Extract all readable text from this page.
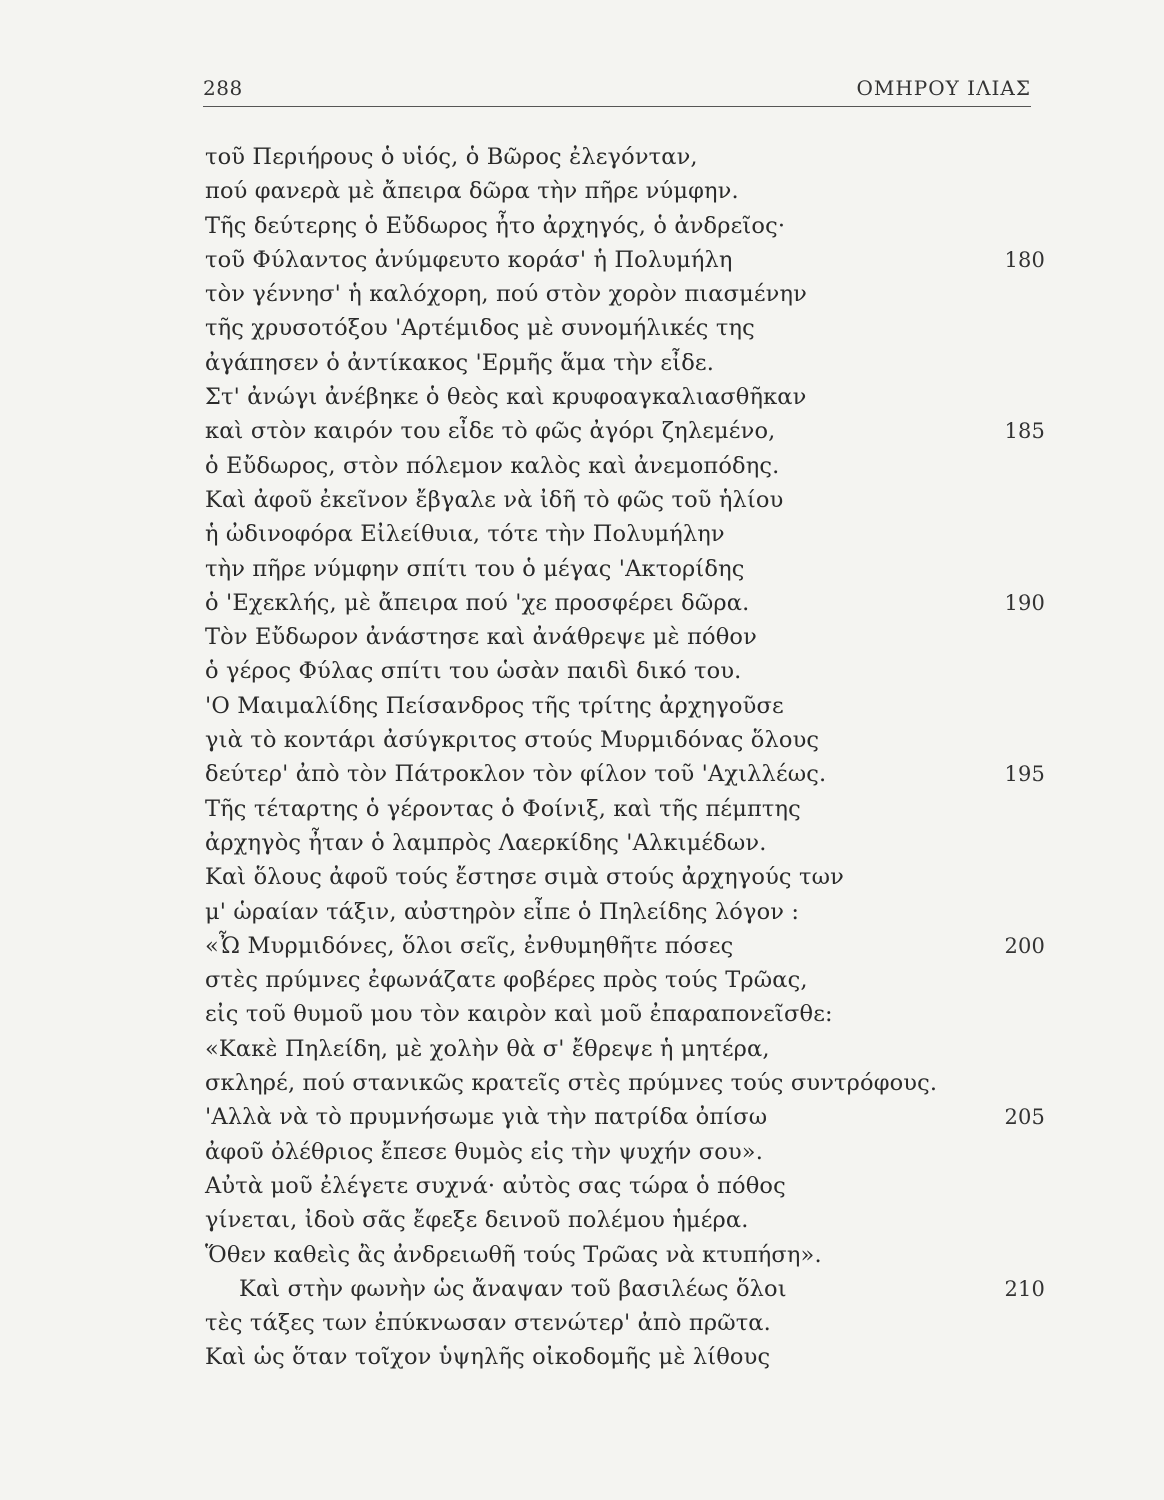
288	ΟΜΗΡΟΥ ΙΛΙΑΣ
τοῦ Περιήρους ὁ υἱός, ὁ Βῶρος ἐλεγόνταν,
πού φανερὰ μὲ ἄπειρα δῶρα τὴν πῆρε νύμφην.
Τῆς δεύτερης ὁ Εὔδωρος ἦτο ἀρχηγός, ὁ ἀνδρεῖος·
τοῦ Φύλαντος ἀνύμφευτο κοράσ' ἡ Πολυμήλη	180
τὸν γέννησ' ἡ καλόχορη, πού στὸν χορὸν πιασμένην
τῆς χρυσοτόξου 'Αρτέμιδος μὲ συνομήλικές της
ἀγάπησεν ὁ ἀντίκακος 'Ερμῆς ἅμα τὴν εἶδε.
Στ' ἀνώγι ἀνέβηκε ὁ θεὸς καὶ κρυφοαγκαλιασθῆκαν
καὶ στὸν καιρόν του εἶδε τὸ φῶς ἀγόρι ζηλεμένο,	185
ὁ Εὔδωρος, στὸν πόλεμον καλὸς καὶ ἀνεμοπόδης.
Καὶ ἀφοῦ ἐκεῖνον ἔβγαλε νὰ ἰδῆ τὸ φῶς τοῦ ἡλίου
ἡ ὠδινοφόρα Εἰλείθυια, τότε τὴν Πολυμήλην
τὴν πῆρε νύμφην σπίτι του ὁ μέγας 'Ακτορίδης
ὁ 'Εχεκλής, μὲ ἄπειρα πού 'χε προσφέρει δῶρα.	190
Τὸν Εὔδωρον ἀνάστησε καὶ ἀνάθρεψε μὲ πόθον
ὁ γέρος Φύλας σπίτι του ὡσὰν παιδὶ δικό του.
'Ο Μαιμαλίδης Πείσανδρος τῆς τρίτης ἀρχηγοῦσε
γιὰ τὸ κοντάρι ἀσύγκριτος στούς Μυρμιδόνας ὅλους
δεύτερ' ἀπὸ τὸν Πάτροκλον τὸν φίλον τοῦ 'Αχιλλέως.	195
Τῆς τέταρτης ὁ γέροντας ὁ Φοίνιξ, καὶ τῆς πέμπτης
ἀρχηγὸς ἦταν ὁ λαμπρὸς Λαερκίδης 'Αλκιμέδων.
Καὶ ὅλους ἀφοῦ τούς ἔστησε σιμὰ στούς ἀρχηγούς των
μ' ὡραίαν τάξιν, αὐστηρὸν εἶπε ὁ Πηλείδης λόγον :
«Ὦ Μυρμιδόνες, ὅλοι σεῖς, ἐνθυμηθῆτε πόσες	200
στὲς πρύμνες ἐφωνάζατε φοβέρες πρὸς τούς Τρῶας,
εἰς τοῦ θυμοῦ μου τὸν καιρὸν καὶ μοῦ ἐπαραπονεῖσθε:
«Κακὲ Πηλείδη, μὲ χολὴν θὰ σ' ἔθρεψε ἡ μητέρα,
σκληρέ, πού στανικῶς κρατεῖς στὲς πρύμνες τούς συντρόφους.
'Αλλὰ νὰ τὸ πρυμνήσωμε γιὰ τὴν πατρίδα ὀπίσω	205
ἀφοῦ ὀλέθριος ἔπεσε θυμὸς εἰς τὴν ψυχήν σου».
Αὐτὰ μοῦ ἐλέγετε συχνά· αὐτὸς σας τώρα ὁ πόθος
γίνεται, ἰδοὺ σᾶς ἔφεξε δεινοῦ πολέμου ἡμέρα.
Ὅθεν καθεὶς ἂς ἀνδρειωθῆ τούς Τρῶας νὰ κτυπήση».
Καὶ στὴν φωνὴν ὡς ἄναψαν τοῦ βασιλέως ὅλοι	210
τὲς τάξες των ἐπύκνωσαν στενώτερ' ἀπὸ πρῶτα.
Καὶ ὡς ὅταν τοῖχον ὑψηλῆς οἰκοδομῆς μὲ λίθους
